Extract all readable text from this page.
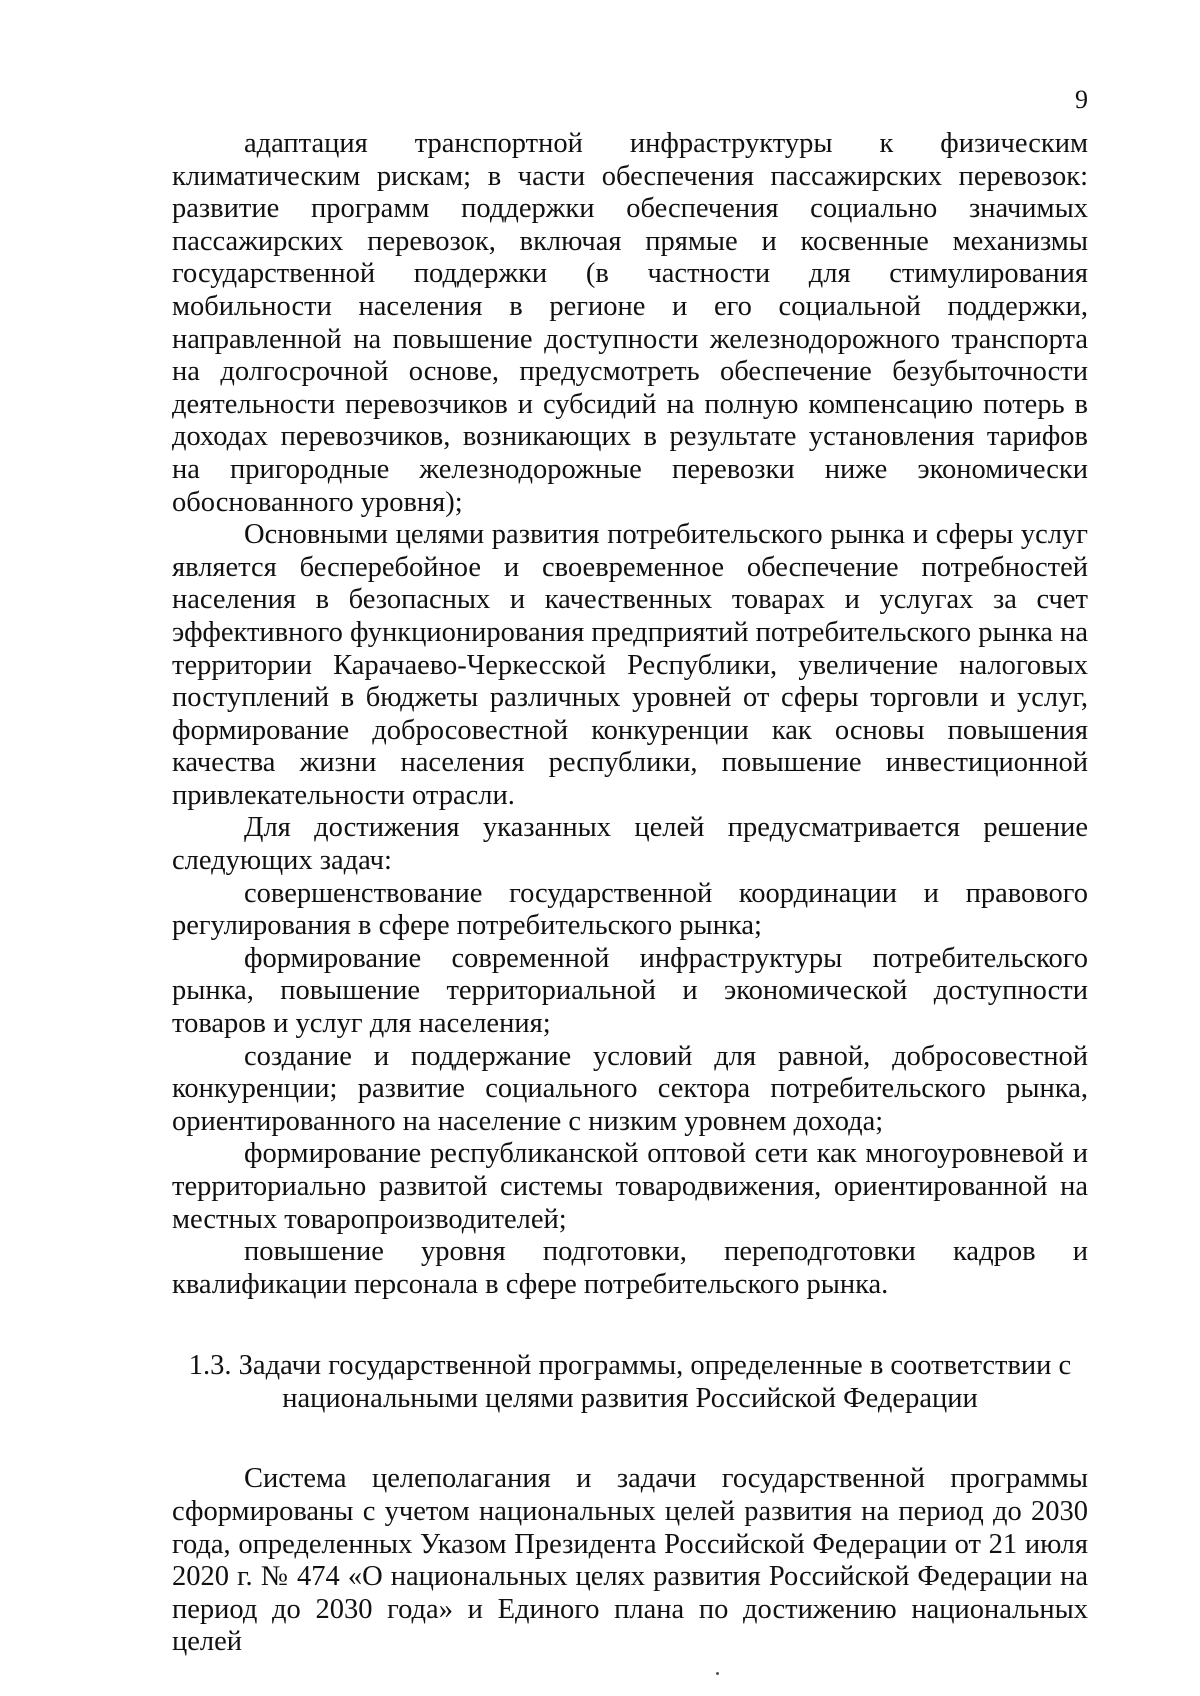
9

адаптация транспортной инфраструктуры к физическим климатическим рискам; в части обеспечения пассажирских перевозок: развитие программ поддержки обеспечения социально значимых пассажирских перевозок, включая прямые и косвенные механизмы государственной поддержки (в частности для стимулирования мобильности населения в регионе и его социальной поддержки, направленной на повышение доступности железнодорожного транспорта на долгосрочной основе, предусмотреть обеспечение безубыточности деятельности перевозчиков и субсидий на полную компенсацию потерь в доходах перевозчиков, возникающих в результате установления тарифов на пригородные железнодорожные перевозки ниже экономически обоснованного уровня);

Основными целями развития потребительского рынка и сферы услуг является бесперебойное и своевременное обеспечение потребностей населения в безопасных и качественных товарах и услугах за счет эффективного функционирования предприятий потребительского рынка на территории Карачаево-Черкесской Республики, увеличение налоговых поступлений в бюджеты различных уровней от сферы торговли и услуг, формирование добросовестной конкуренции как основы повышения качества жизни населения республики, повышение инвестиционной привлекательности отрасли.

Для достижения указанных целей предусматривается решение следующих задач:

совершенствование государственной координации и правового регулирования в сфере потребительского рынка;

формирование современной инфраструктуры потребительского рынка, повышение территориальной и экономической доступности товаров и услуг для населения;

создание и поддержание условий для равной, добросовестной конкуренции; развитие социального сектора потребительского рынка, ориентированного на население с низким уровнем дохода;

формирование республиканской оптовой сети как многоуровневой и территориально развитой системы товародвижения, ориентированной на местных товаропроизводителей;

повышение уровня подготовки, переподготовки кадров и квалификации персонала в сфере потребительского рынка.

1.3. Задачи государственной программы, определенные в соответствии с
национальными целями развития Российской Федерации

Система целеполагания и задачи государственной программы сформированы с учетом национальных целей развития на период до 2030 года, определенных Указом Президента Российской Федерации от 21 июля 2020 г. № 474 «О национальных целях развития Российской Федерации на период до 2030 года» и Единого плана по достижению национальных целей
